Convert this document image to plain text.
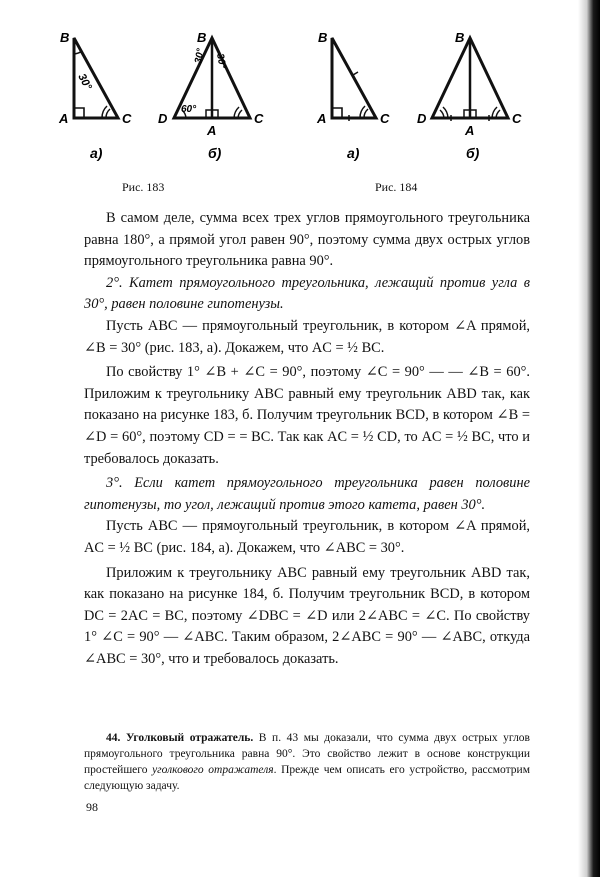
B
A	C
30°
а)
B
D
A
C
30° 30°
60°
б)
B
A	C
а)
B
D
A
C
б)
Рис. 183	Рис. 184

В самом деле, сумма всех трех углов прямоугольного треугольника равна 180°, а прямой угол равен 90°, поэтому сумма двух острых углов прямоугольного треугольника равна 90°.

2°. Катет прямоугольного треугольника, лежащий против угла в 30°, равен половине гипотенузы.

Пусть ABC — прямоугольный треугольник, в котором ∠A прямой, ∠B = 30° (рис. 183, а). Докажем, что AC = ½ BC.

По свойству 1° ∠B + ∠C = 90°, поэтому ∠C = 90° — — ∠B = 60°. Приложим к треугольнику ABC равный ему треугольник ABD так, как показано на рисунке 183, б. Получим треугольник BCD, в котором ∠B = ∠D = 60°, поэтому CD = = BC. Так как AC = ½ CD, то AC = ½ BC, что и требовалось доказать.

3°. Если катет прямоугольного треугольника равен половине гипотенузы, то угол, лежащий против этого катета, равен 30°.

Пусть ABC — прямоугольный треугольник, в котором ∠A прямой, AC = ½ BC (рис. 184, а). Докажем, что ∠ABC = 30°.

Приложим к треугольнику ABC равный ему треугольник ABD так, как показано на рисунке 184, б. Получим треугольник BCD, в котором DC = 2AC = BC, поэтому ∠DBC = ∠D или 2∠ABC = ∠C. По свойству 1° ∠C = 90° — ∠ABC. Таким образом, 2∠ABC = 90° — ∠ABC, откуда ∠ABC = 30°, что и требовалось доказать.

44. Уголковый отражатель. В п. 43 мы доказали, что сумма двух острых углов прямоугольного треугольника равна 90°. Это свойство лежит в основе конструкции простейшего уголкового отражателя. Прежде чем описать его устройство, рассмотрим следующую задачу.
98
